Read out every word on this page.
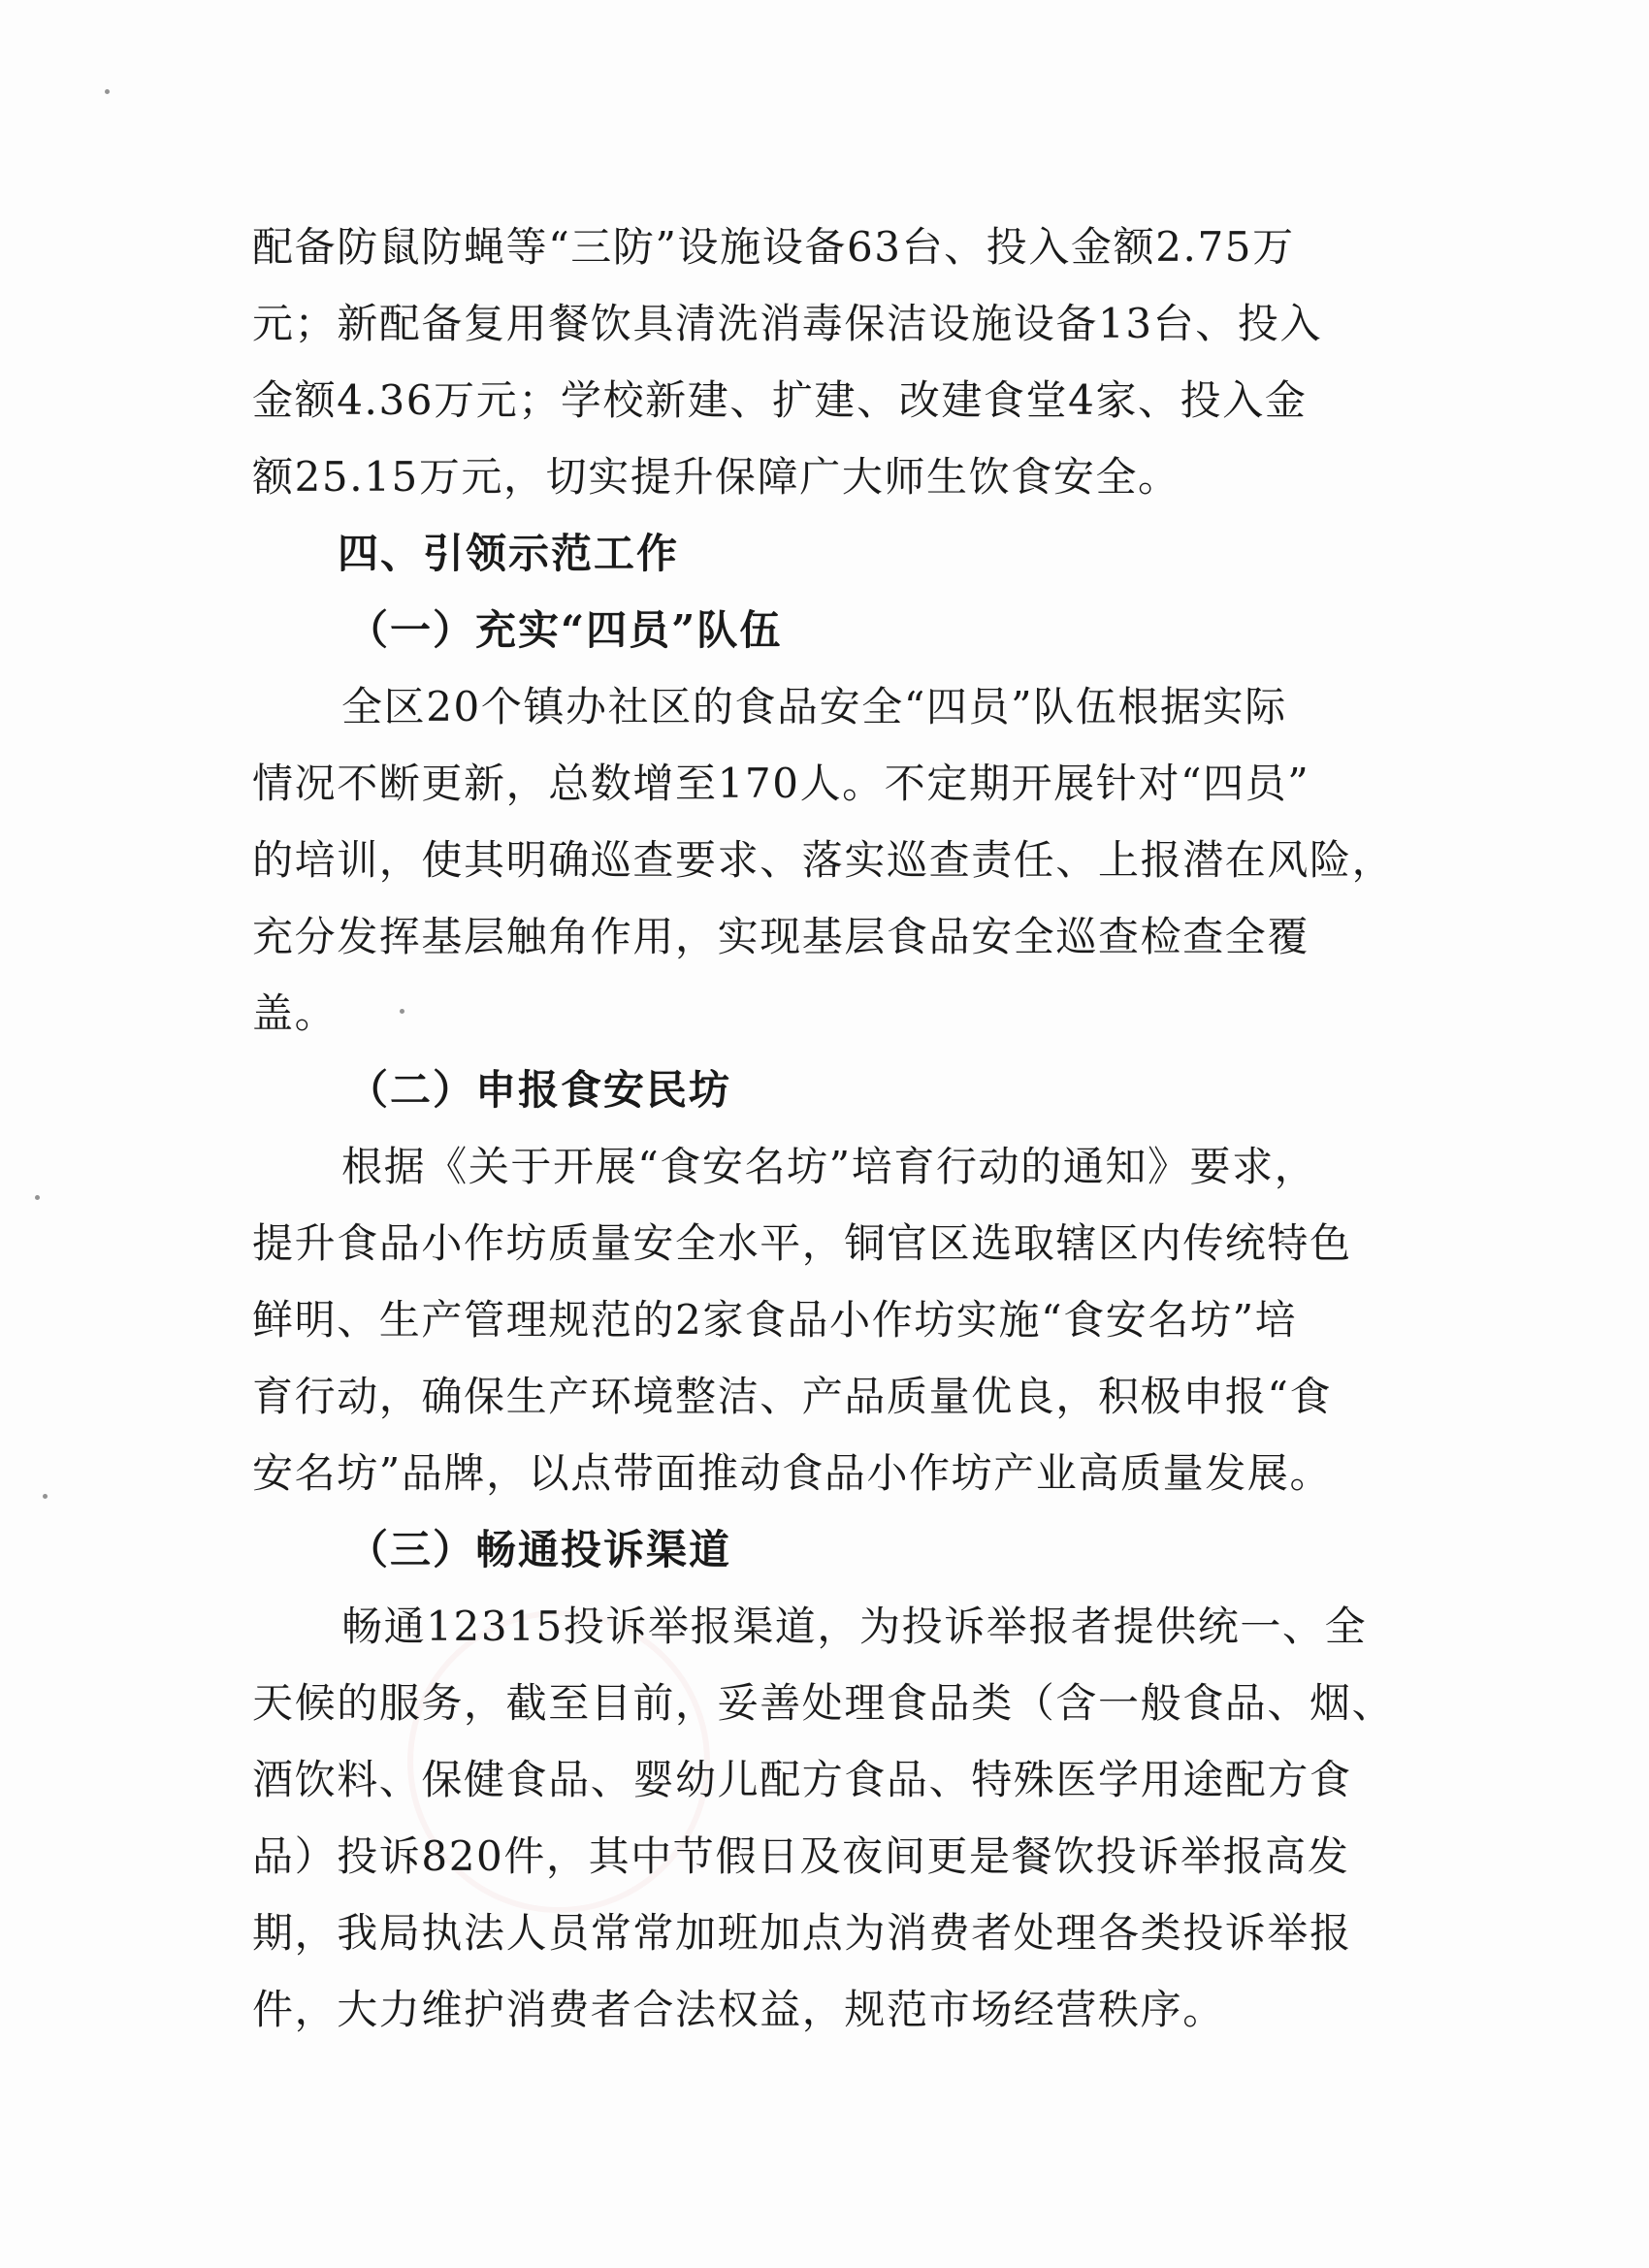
配备防鼠防蝇等“三防”设施设备63台、投入金额2.75万
元；新配备复用餐饮具清洗消毒保洁设施设备13台、投入
金额4.36万元；学校新建、扩建、改建食堂4家、投入金
额25.15万元，切实提升保障广大师生饮食安全。
四、引领示范工作
（一）充实“四员”队伍
全区20个镇办社区的食品安全“四员”队伍根据实际
情况不断更新，总数增至170人。不定期开展针对“四员”
的培训，使其明确巡查要求、落实巡查责任、上报潜在风险，
充分发挥基层触角作用，实现基层食品安全巡查检查全覆
盖。
（二）申报食安民坊
根据《关于开展“食安名坊”培育行动的通知》要求，
提升食品小作坊质量安全水平，铜官区选取辖区内传统特色
鲜明、生产管理规范的2家食品小作坊实施“食安名坊”培
育行动，确保生产环境整洁、产品质量优良，积极申报“食
安名坊”品牌，以点带面推动食品小作坊产业高质量发展。
（三）畅通投诉渠道
畅通12315投诉举报渠道，为投诉举报者提供统一、全
天候的服务，截至目前，妥善处理食品类（含一般食品、烟、
酒饮料、保健食品、婴幼儿配方食品、特殊医学用途配方食
品）投诉820件，其中节假日及夜间更是餐饮投诉举报高发
期，我局执法人员常常加班加点为消费者处理各类投诉举报
件，大力维护消费者合法权益，规范市场经营秩序。
